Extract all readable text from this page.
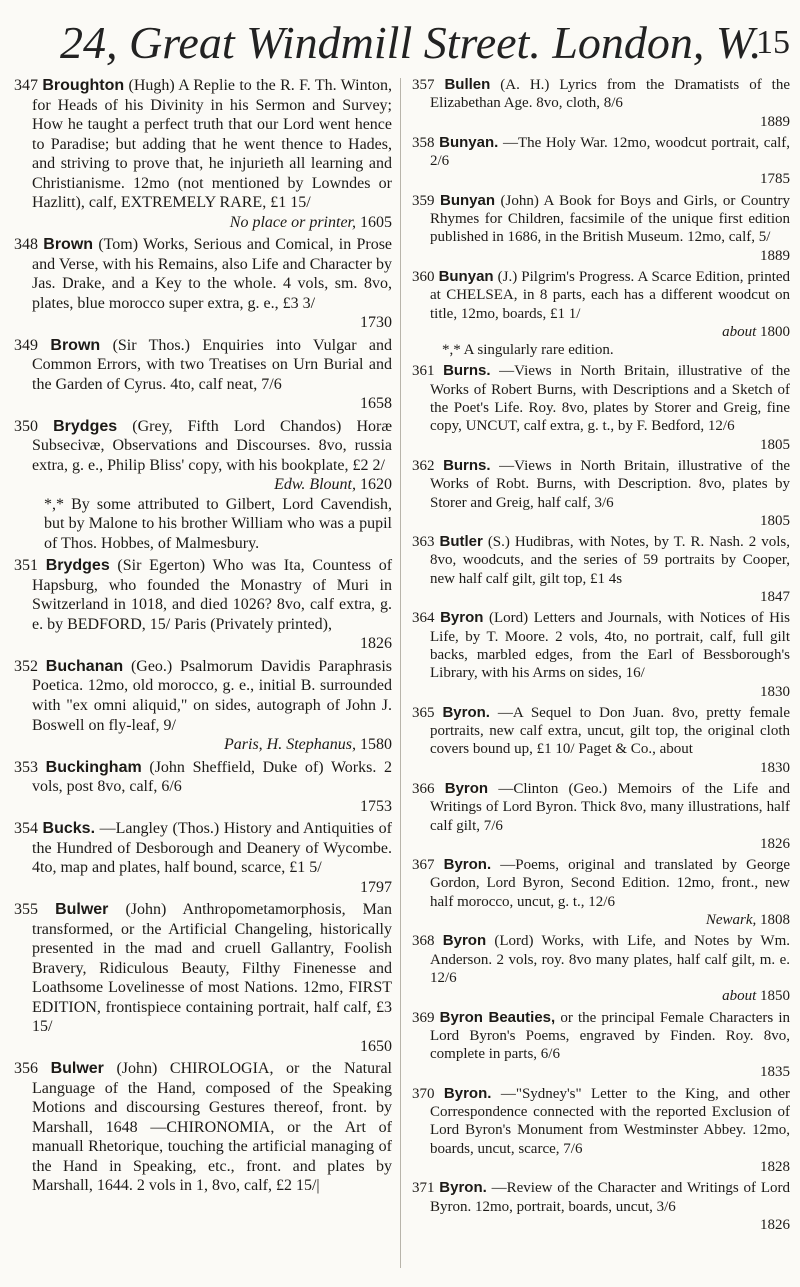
24, Great Windmill Street. London, W.
15

347 Broughton (Hugh) A Replie to the R. F. Th. Winton, for Heads of his Divinity in his Sermon and Survey; How he taught a perfect truth that our Lord went hence to Paradise; but adding that he went thence to Hades, and striving to prove that, he injurieth all learning and Christianisme. 12mo (not mentioned by Lowndes or Hazlitt), calf, EXTREMELY RARE, £1 15/
No place or printer, 1605

348 Brown (Tom) Works, Serious and Comical, in Prose and Verse, with his Remains, also Life and Character by Jas. Drake, and a Key to the whole. 4 vols, sm. 8vo, plates, blue morocco super extra, g. e., £3 3/
1730

349 Brown (Sir Thos.) Enquiries into Vulgar and Common Errors, with two Treatises on Urn Burial and the Garden of Cyrus. 4to, calf neat, 7/6
1658

350 Brydges (Grey, Fifth Lord Chandos) Horæ Subsecivæ, Observations and Discourses. 8vo, russia extra, g. e., Philip Bliss' copy, with his bookplate, £2 2/
Edw. Blount, 1620
*,* By some attributed to Gilbert, Lord Cavendish, but by Malone to his brother William who was a pupil of Thos. Hobbes, of Malmesbury.

351 Brydges (Sir Egerton) Who was Ita, Countess of Hapsburg, who founded the Monastry of Muri in Switzerland in 1018, and died 1026? 8vo, calf extra, g. e. by BEDFORD, 15/ Paris (Privately printed),
1826

352 Buchanan (Geo.) Psalmorum Davidis Paraphrasis Poetica. 12mo, old morocco, g. e., initial B. surrounded with "ex omni aliquid," on sides, autograph of John J. Boswell on fly-leaf, 9/
Paris, H. Stephanus, 1580

353 Buckingham (John Sheffield, Duke of) Works. 2 vols, post 8vo, calf, 6/6
1753

354 Bucks. —Langley (Thos.) History and Antiquities of the Hundred of Desborough and Deanery of Wycombe. 4to, map and plates, half bound, scarce, £1 5/
1797

355 Bulwer (John) Anthropometamorphosis, Man transformed, or the Artificial Changeling, historically presented in the mad and cruell Gallantry, Foolish Bravery, Ridiculous Beauty, Filthy Finenesse and Loathsome Lovelinesse of most Nations. 12mo, FIRST EDITION, frontispiece containing portrait, half calf, £3 15/
1650

356 Bulwer (John) CHIROLOGIA, or the Natural Language of the Hand, composed of the Speaking Motions and discoursing Gestures thereof, front. by Marshall, 1648 —CHIRONOMIA, or the Art of manuall Rhetorique, touching the artificial managing of the Hand in Speaking, etc., front. and plates by Marshall, 1644. 2 vols in 1, 8vo, calf, £2 15/|

357 Bullen (A. H.) Lyrics from the Dramatists of the Elizabethan Age. 8vo, cloth, 8/6
1889

358 Bunyan. —The Holy War. 12mo, woodcut portrait, calf, 2/6
1785

359 Bunyan (John) A Book for Boys and Girls, or Country Rhymes for Children, facsimile of the unique first edition published in 1686, in the British Museum. 12mo, calf, 5/
1889

360 Bunyan (J.) Pilgrim's Progress. A Scarce Edition, printed at CHELSEA, in 8 parts, each has a different woodcut on title, 12mo, boards, £1 1/
about 1800
*,* A singularly rare edition.

361 Burns. —Views in North Britain, illustrative of the Works of Robert Burns, with Descriptions and a Sketch of the Poet's Life. Roy. 8vo, plates by Storer and Greig, fine copy, UNCUT, calf extra, g. t., by F. Bedford, 12/6
1805

362 Burns. —Views in North Britain, illustrative of the Works of Robt. Burns, with Description. 8vo, plates by Storer and Greig, half calf, 3/6
1805

363 Butler (S.) Hudibras, with Notes, by T. R. Nash. 2 vols, 8vo, woodcuts, and the series of 59 portraits by Cooper, new half calf gilt, gilt top, £1 4s
1847

364 Byron (Lord) Letters and Journals, with Notices of His Life, by T. Moore. 2 vols, 4to, no portrait, calf, full gilt backs, marbled edges, from the Earl of Bessborough's Library, with his Arms on sides, 16/
1830

365 Byron. —A Sequel to Don Juan. 8vo, pretty female portraits, new calf extra, uncut, gilt top, the original cloth covers bound up, £1 10/ Paget & Co., about
1830

366 Byron —Clinton (Geo.) Memoirs of the Life and Writings of Lord Byron. Thick 8vo, many illustrations, half calf gilt, 7/6
1826

367 Byron. —Poems, original and translated by George Gordon, Lord Byron, Second Edition. 12mo, front., new half morocco, uncut, g. t., 12/6
Newark, 1808

368 Byron (Lord) Works, with Life, and Notes by Wm. Anderson. 2 vols, roy. 8vo many plates, half calf gilt, m. e. 12/6
about 1850

369 Byron Beauties, or the principal Female Characters in Lord Byron's Poems, engraved by Finden. Roy. 8vo, complete in parts, 6/6
1835

370 Byron. —"Sydney's" Letter to the King, and other Correspondence connected with the reported Exclusion of Lord Byron's Monument from Westminster Abbey. 12mo, boards, uncut, scarce, 7/6
1828

371 Byron. —Review of the Character and Writings of Lord Byron. 12mo, portrait, boards, uncut, 3/6
1826
